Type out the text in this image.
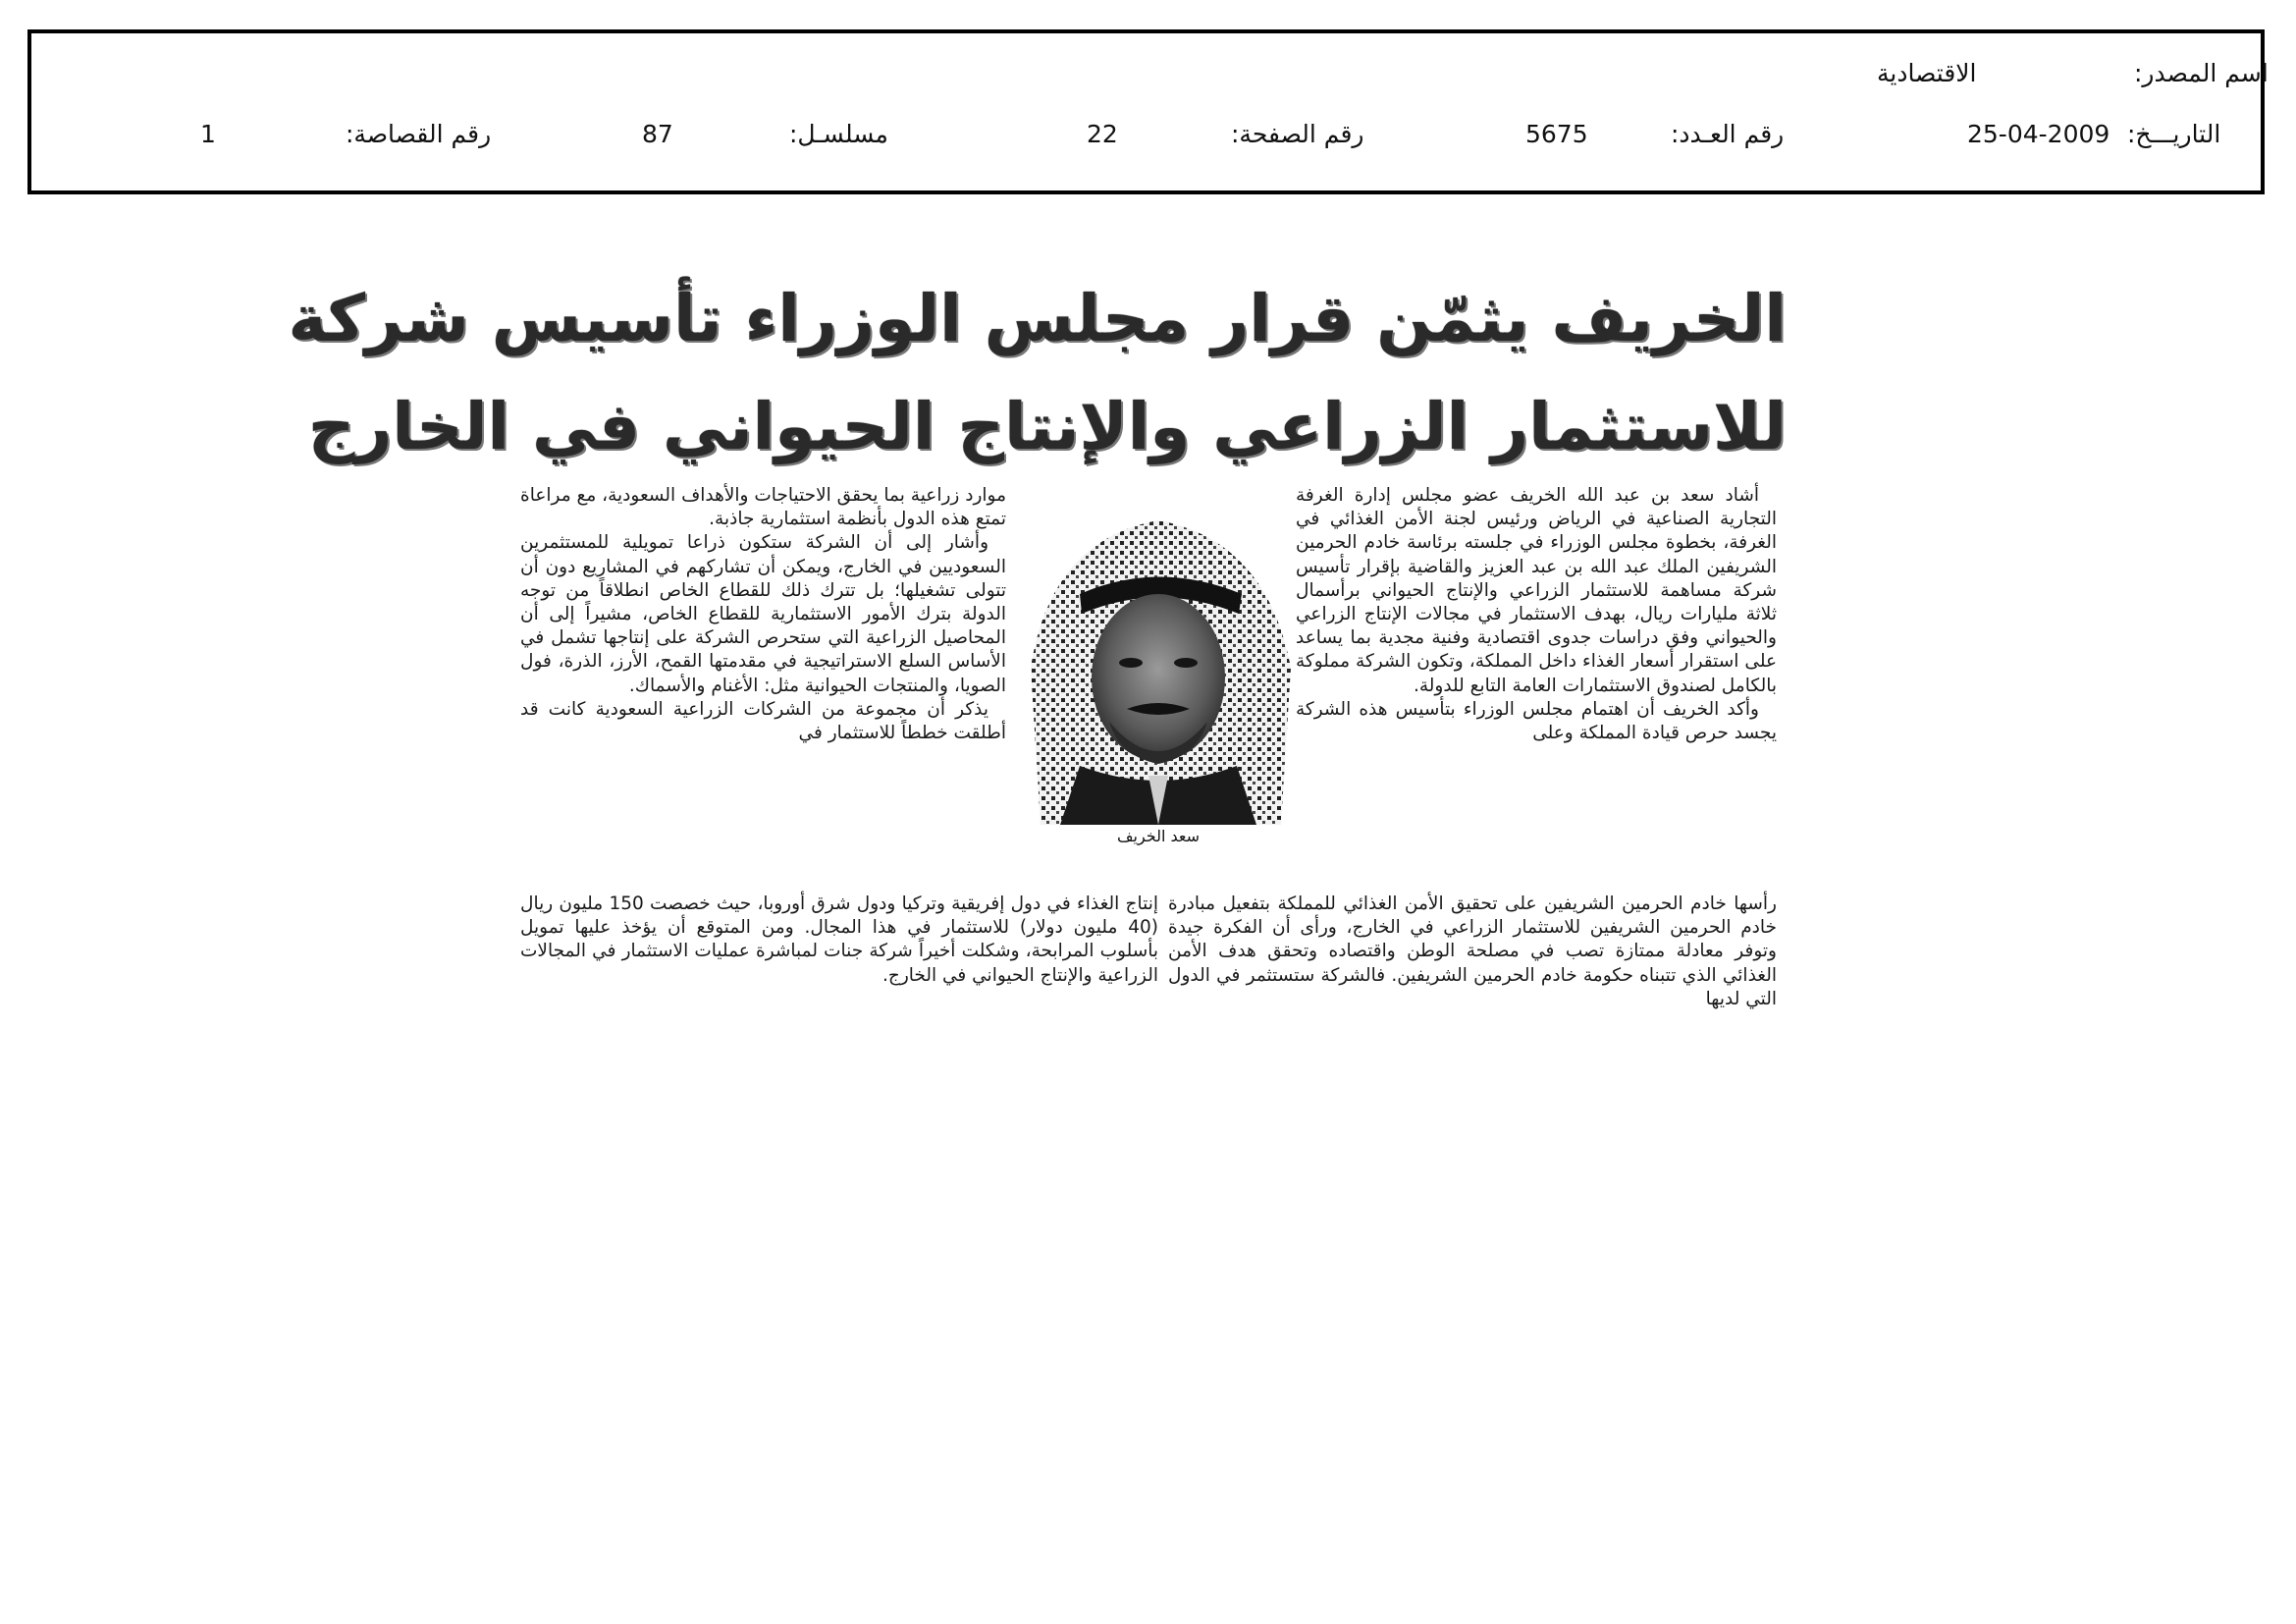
اسم المصدر:
الاقتصادية
التاريـــخ:
25-04-2009
رقم العـدد:
5675
رقم الصفحة:
22
مسلسـل:
87
رقم القصاصة:
1
الخريف يثمّن قرار مجلس الوزراء تأسيس شركة
للاستثمار الزراعي والإنتاج الحيواني في الخارج

أشاد سعد بن عبد الله الخريف عضو مجلس إدارة الغرفة التجارية الصناعية في الرياض ورئيس لجنة الأمن الغذائي في الغرفة، بخطوة مجلس الوزراء في جلسته برئاسة خادم الحرمين الشريفين الملك عبد الله بن عبد العزيز والقاضية بإقرار تأسيس شركة مساهمة للاستثمار الزراعي والإنتاج الحيواني برأسمال ثلاثة مليارات ريال، بهدف الاستثمار في مجالات الإنتاج الزراعي والحيواني وفق دراسات جدوى اقتصادية وفنية مجدية بما يساعد على استقرار أسعار الغذاء داخل المملكة، وتكون الشركة مملوكة بالكامل لصندوق الاستثمارات العامة التابع للدولة.

وأكد الخريف أن اهتمام مجلس الوزراء بتأسيس هذه الشركة يجسد حرص قيادة المملكة وعلى

رأسها خادم الحرمين الشريفين على تحقيق الأمن الغذائي للمملكة بتفعيل مبادرة خادم الحرمين الشريفين للاستثمار الزراعي في الخارج، ورأى أن الفكرة جيدة وتوفر معادلة ممتازة تصب في مصلحة الوطن واقتصاده وتحقق هدف الأمن الغذائي الذي تتبناه حكومة خادم الحرمين الشريفين. فالشركة ستستثمر في الدول التي لديها

سعد الخريف

موارد زراعية بما يحقق الاحتياجات والأهداف السعودية، مع مراعاة تمتع هذه الدول بأنظمة استثمارية جاذبة.

وأشار إلى أن الشركة ستكون ذراعا تمويلية للمستثمرين السعوديين في الخارج، ويمكن أن تشاركهم في المشاريع دون أن تتولى تشغيلها؛ بل تترك ذلك للقطاع الخاص انطلاقاً من توجه الدولة بترك الأمور الاستثمارية للقطاع الخاص، مشيراً إلى أن المحاصيل الزراعية التي ستحرص الشركة على إنتاجها تشمل في الأساس السلع الاستراتيجية في مقدمتها القمح، الأرز، الذرة، فول الصويا، والمنتجات الحيوانية مثل: الأغنام والأسماك.

يذكر أن مجموعة من الشركات الزراعية السعودية كانت قد أطلقت خططاً للاستثمار في

إنتاج الغذاء في دول إفريقية وتركيا ودول شرق أوروبا، حيث خصصت 150 مليون ريال (40 مليون دولار) للاستثمار في هذا المجال. ومن المتوقع أن يؤخذ عليها تمويل بأسلوب المرابحة، وشكلت أخيراً شركة جنات لمباشرة عمليات الاستثمار في المجالات الزراعية والإنتاج الحيواني في الخارج.
